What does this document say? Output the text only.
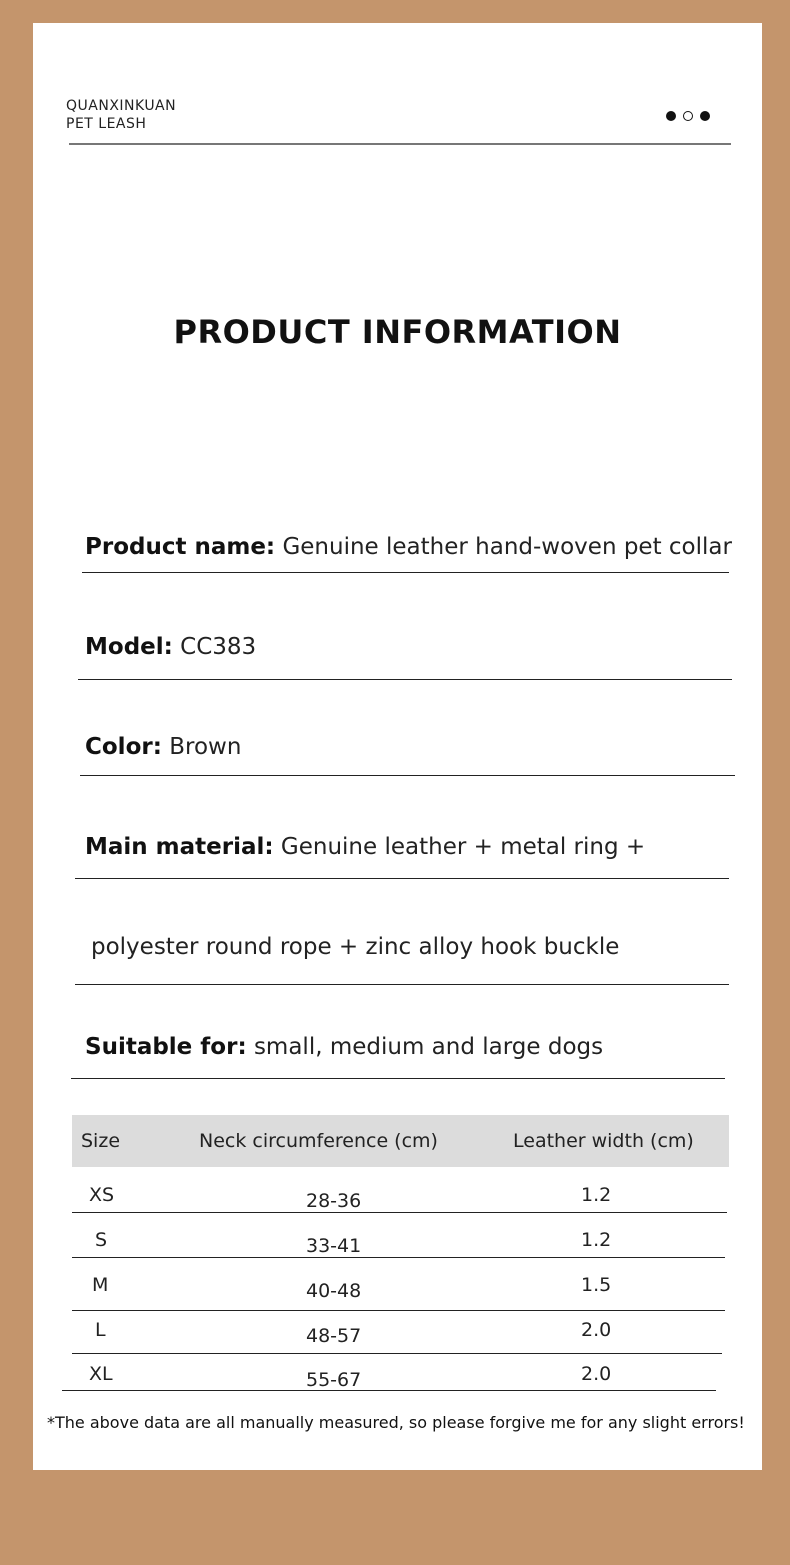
QUANXINKUAN
PET LEASH
PRODUCT INFORMATION
Product name: Genuine leather hand-woven pet collar
Model: CC383
Color: Brown
Main material: Genuine leather + metal ring +
polyester round rope + zinc alloy hook buckle
Suitable for: small, medium and large dogs
Size	Neck circumference (cm)	Leather width (cm)
XS	28-36	1.2
S	33-41	1.2
M	40-48	1.5
L	48-57	2.0
XL	55-67	2.0
*The above data are all manually measured, so please forgive me for any slight errors!
